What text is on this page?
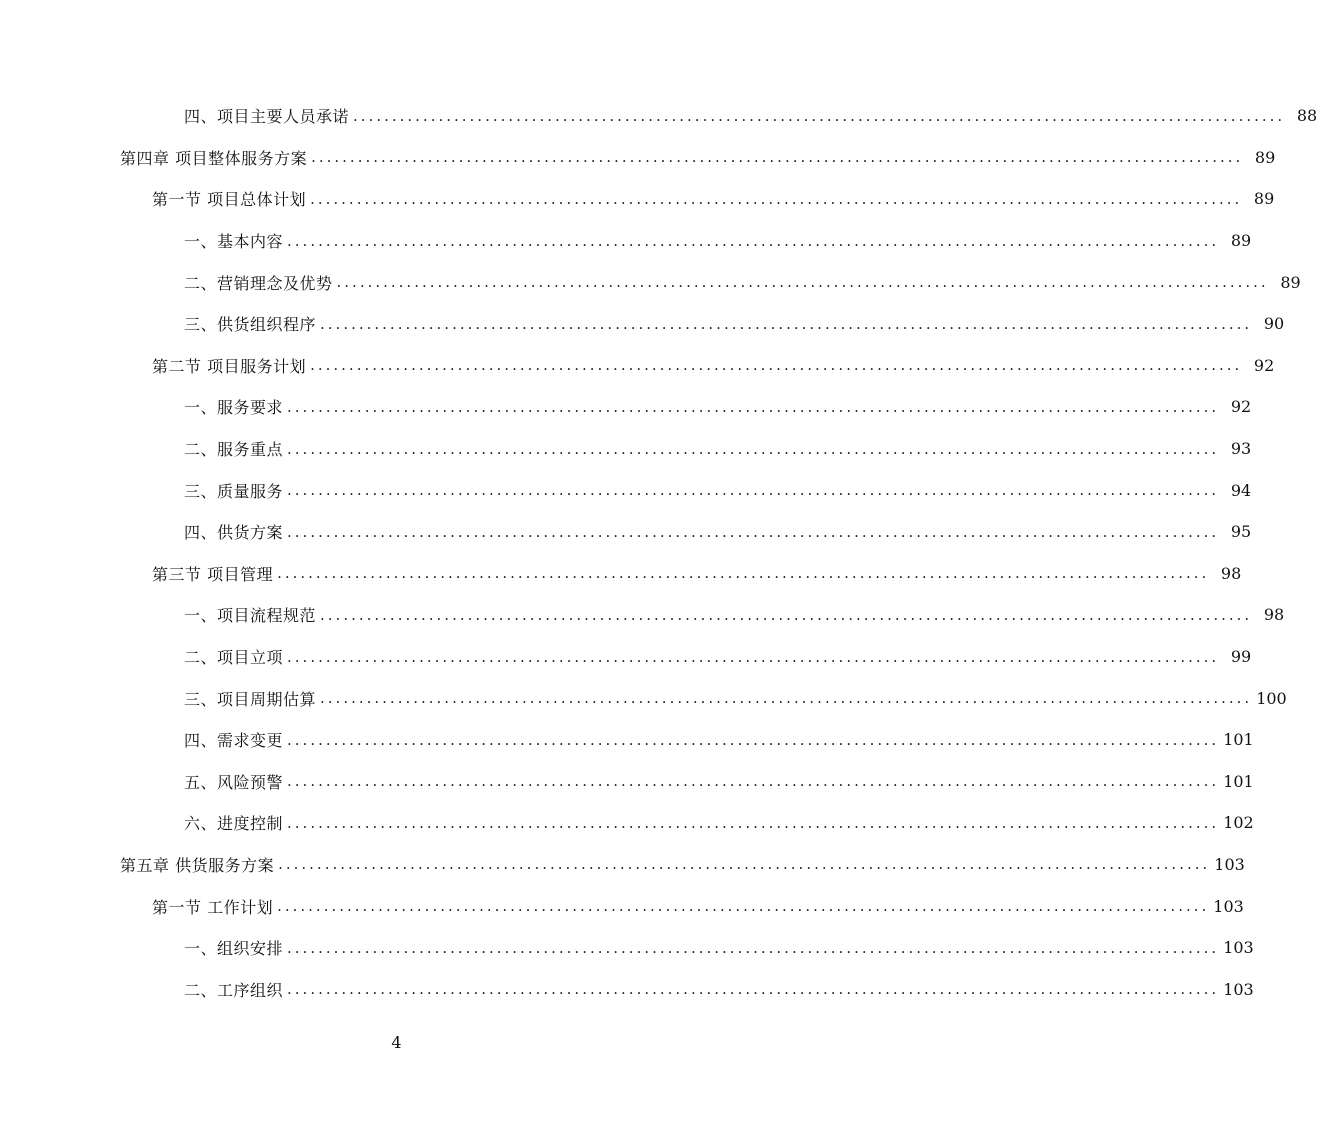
四、项目主要人员承诺 ........................................................................................................................ 88
第四章 项目整体服务方案 ........................................................................................................................ 89
第一节 项目总体计划 ........................................................................................................................ 89
一、基本内容 ........................................................................................................................ 89
二、营销理念及优势 ........................................................................................................................ 89
三、供货组织程序 ........................................................................................................................ 90
第二节 项目服务计划 ........................................................................................................................ 92
一、服务要求 ........................................................................................................................ 92
二、服务重点 ........................................................................................................................ 93
三、质量服务 ........................................................................................................................ 94
四、供货方案 ........................................................................................................................ 95
第三节 项目管理 ........................................................................................................................ 98
一、项目流程规范 ........................................................................................................................ 98
二、项目立项 ........................................................................................................................ 99
三、项目周期估算 ........................................................................................................................ 100
四、需求变更 ........................................................................................................................ 101
五、风险预警 ........................................................................................................................ 101
六、进度控制 ........................................................................................................................ 102
第五章 供货服务方案 ........................................................................................................................ 103
第一节 工作计划 ........................................................................................................................ 103
一、组织安排 ........................................................................................................................ 103
二、工序组织 ........................................................................................................................ 103
4
